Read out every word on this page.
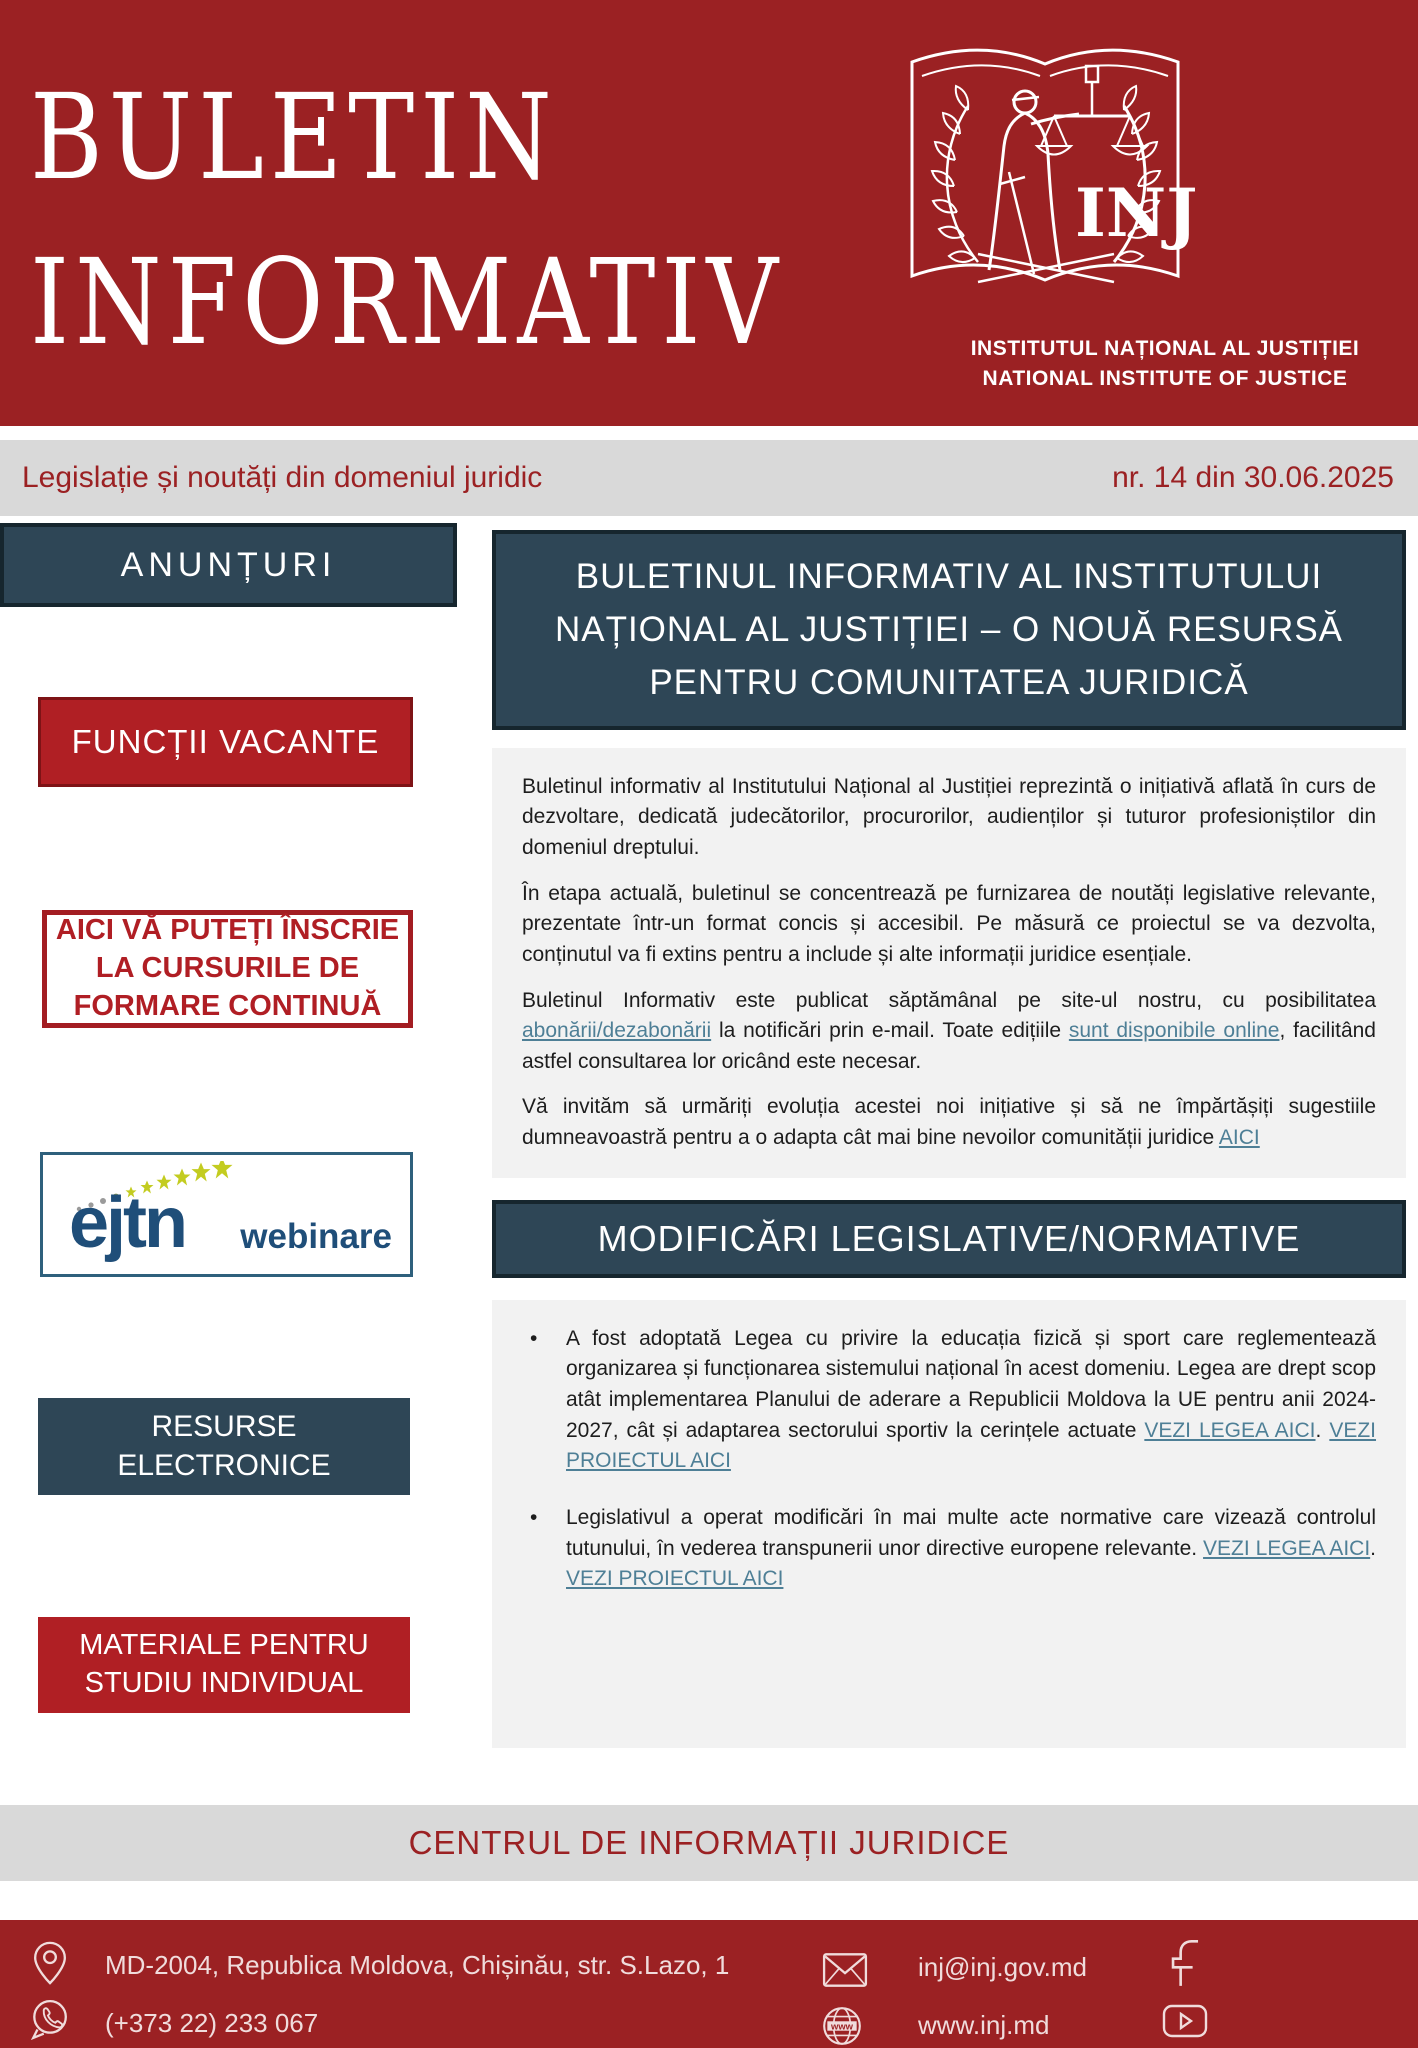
BULETIN
INFORMATIV
INJ
INSTITUTUL NAȚIONAL AL JUSTIȚIEI
NATIONAL INSTITUTE OF JUSTICE
Legislație și noutăți din domeniul juridic	nr. 14 din 30.06.2025
ANUNȚURI
FUNCȚII VACANTE
AICI VĂ PUTEȚI ÎNSCRIE LA CURSURILE DE FORMARE CONTINUĂ
ejtn webinare
RESURSE ELECTRONICE
MATERIALE PENTRU STUDIU INDIVIDUAL
BULETINUL INFORMATIV AL INSTITUTULUI NAȚIONAL AL JUSTIȚIEI – O NOUĂ RESURSĂ PENTRU COMUNITATEA JURIDICĂ

Buletinul informativ al Institutului Național al Justiției reprezintă o inițiativă aflată în curs de dezvoltare, dedicată judecătorilor, procurorilor, audienților și tuturor profesioniștilor din domeniul dreptului.

În etapa actuală, buletinul se concentrează pe furnizarea de noutăți legislative relevante, prezentate într-un format concis și accesibil. Pe măsură ce proiectul se va dezvolta, conținutul va fi extins pentru a include și alte informații juridice esențiale.

Buletinul Informativ este publicat săptămânal pe site-ul nostru, cu posibilitatea abonării/dezabonării la notificări prin e-mail. Toate edițiile sunt disponibile online, facilitând astfel consultarea lor oricând este necesar.

Vă invităm să urmăriți evoluția acestei noi inițiative și să ne împărtășiți sugestiile dumneavoastră pentru a o adapta cât mai bine nevoilor comunității juridice AICI

MODIFICĂRI LEGISLATIVE/NORMATIVE
•	A fost adoptată Legea cu privire la educația fizică și sport care reglementează organizarea și funcționarea sistemului național în acest domeniu. Legea are drept scop atât implementarea Planului de aderare a Republicii Moldova la UE pentru anii 2024-2027, cât și adaptarea sectorului sportiv la cerințele actuate VEZI LEGEA AICI. VEZI PROIECTUL AICI
•	Legislativul a operat modificări în mai multe acte normative care vizează controlul tutunului, în vederea transpunerii unor directive europene relevante. VEZI LEGEA AICI. VEZI PROIECTUL AICI
CENTRUL DE INFORMAȚII JURIDICE
MD-2004, Republica Moldova, Chișinău, str. S.Lazo, 1
(+373 22) 233 067
inj@inj.gov.md
www	www.inj.md
